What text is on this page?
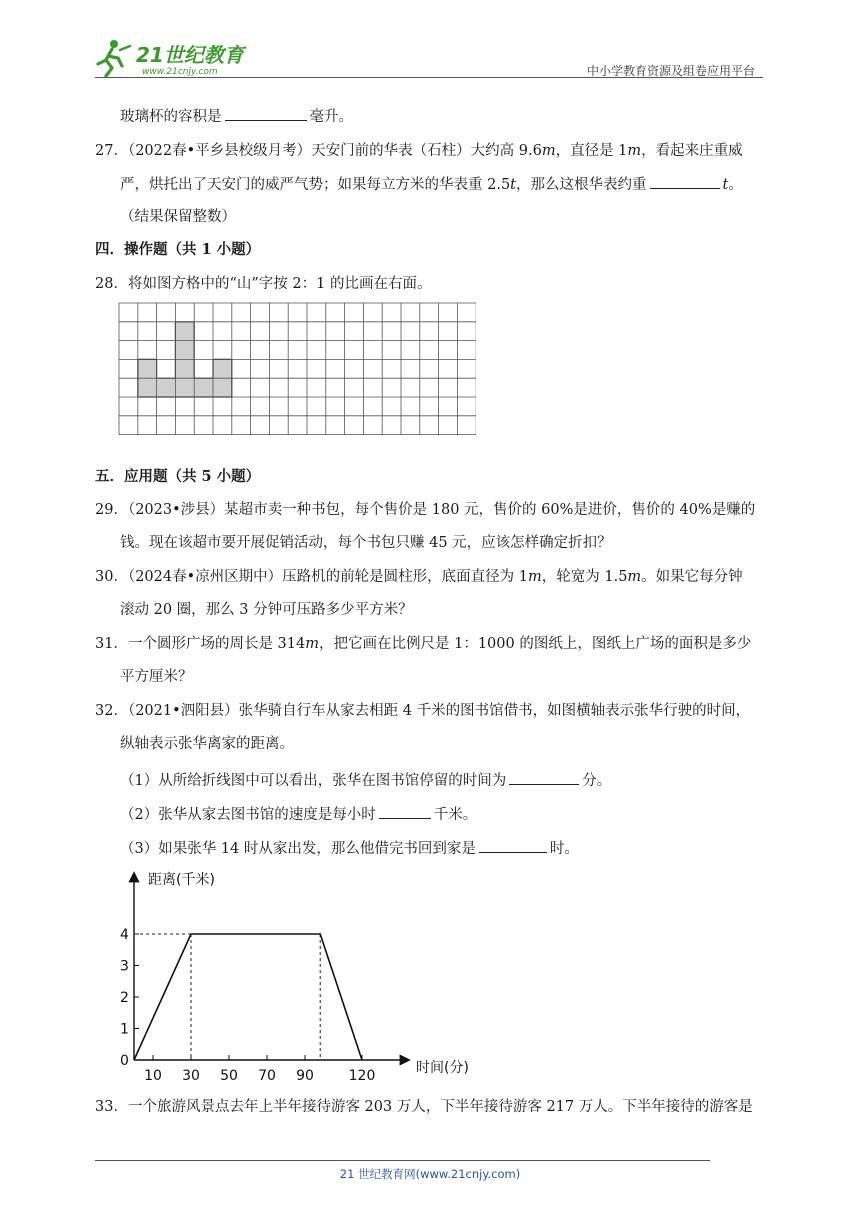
21世纪教育
www.21cnjy.com	中小学教育资源及组卷应用平台
玻璃杯的容积是	毫升。
27．（2022春•平乡县校级月考）天安门前的华表（石柱）大约高 9.6m，直径是 1m，看起来庄重威
严，烘托出了天安门的威严气势；如果每立方米的华表重 2.5t，那么这根华表约重	t。
（结果保留整数）
四．操作题（共 1 小题）
28．将如图方格中的“山”字按 2：1 的比画在右面。
五．应用题（共 5 小题）
29．（2023•涉县）某超市卖一种书包，每个售价是 180 元，售价的 60%是进价，售价的 40%是赚的
钱。现在该超市要开展促销活动，每个书包只赚 45 元，应该怎样确定折扣？
30．（2024春•凉州区期中）压路机的前轮是圆柱形，底面直径为 1m，轮宽为 1.5m。如果它每分钟
滚动 20 圈，那么 3 分钟可压路多少平方米？
31．一个圆形广场的周长是 314m，把它画在比例尺是 1：1000 的图纸上，图纸上广场的面积是多少
平方厘米？
32．（2021•泗阳县）张华骑自行车从家去相距 4 千米的图书馆借书，如图横轴表示张华行驶的时间，
纵轴表示张华离家的距离。
（1）从所给折线图中可以看出，张华在图书馆停留的时间为	分。
（2）张华从家去图书馆的速度是每小时	千米。
（3）如果张华 14 时从家出发，那么他借完书回到家是	时。
距离(千米)
时间(分)
0
1
2
3
4
10 30 50 70 90 120
33．一个旅游风景点去年上半年接待游客 203 万人，下半年接待游客 217 万人。下半年接待的游客是
21 世纪教育网(www.21cnjy.com)
